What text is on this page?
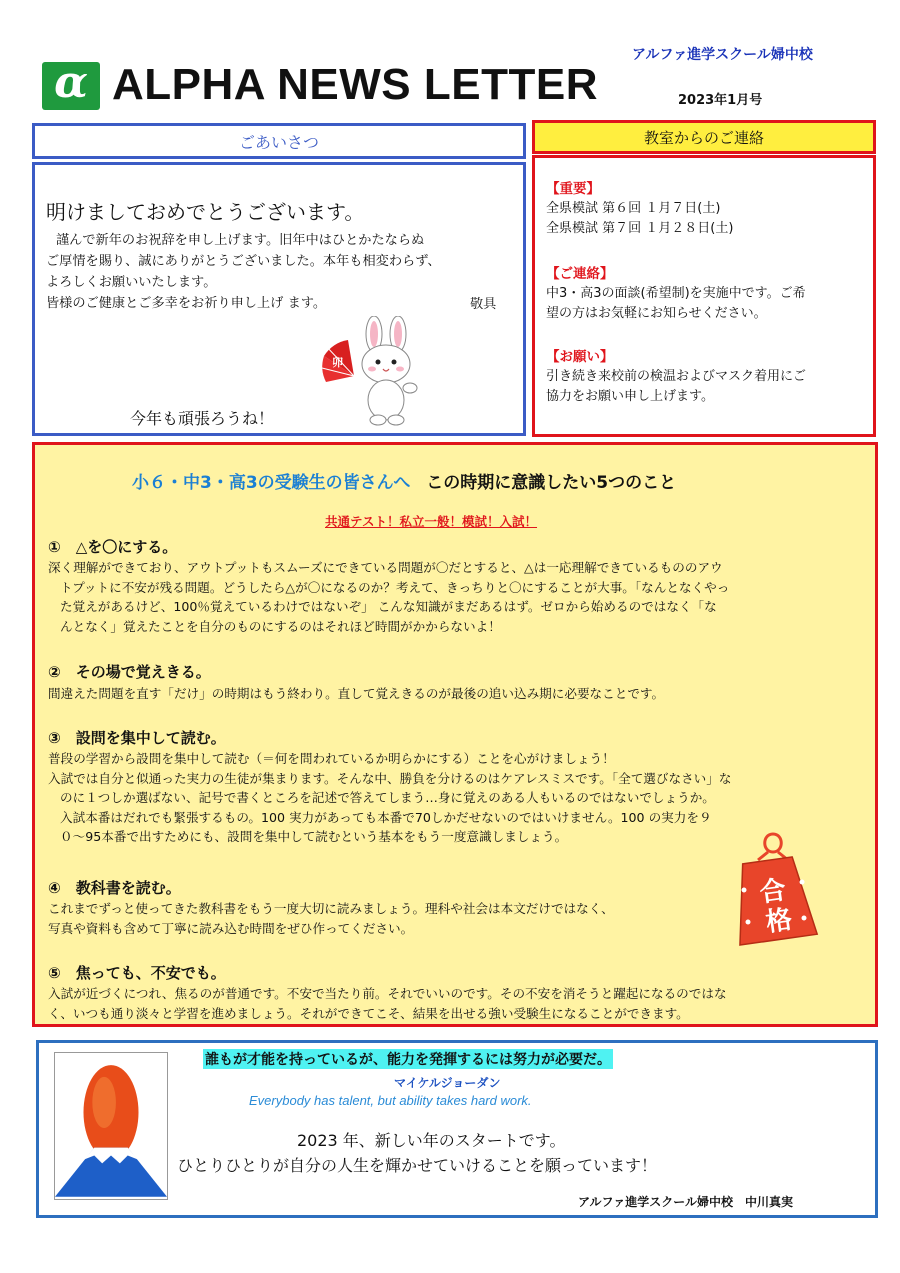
α ALPHA NEWS LETTER
アルファ進学スクール婦中校
2023年1月号
ごあいさつ
明けましておめでとうございます。
謹んで新年のお祝辞を申し上げます。旧年中はひとかたならぬ
ご厚情を賜り、誠にありがとうございました。本年も相変わらず、
よろしくお願いいたします。
皆様のご健康とご多幸をお祈り申し上げ ます。	敬具
卯
今年も頑張ろうね！
教室からのご連絡
【重要】
全県模試 第６回 １月７日(土)
全県模試 第７回 １月２８日(土)
【ご連絡】
中3・高3の面談(希望制)を実施中です。ご希
望の方はお気軽にお知らせください。
【お願い】
引き続き来校前の検温およびマスク着用にご
協力をお願い申し上げます。
小６・中3・高3の受験生の皆さんへ この時期に意識したい5つのこと
共通テスト！私立一般！模試！入試！
①　△を〇にする。
深く理解ができており、アウトプットもスムーズにできている問題が〇だとすると、△は一応理解できているもののアウ
トプットに不安が残る問題。どうしたら△が〇になるのか？考えて、きっちりと〇にすることが大事。「なんとなくやっ
た覚えがあるけど、100％覚えているわけではないぞ」 こんな知識がまだあるはず。ゼロから始めるのではなく「な
んとなく」覚えたことを自分のものにするのはそれほど時間がかからないよ！
②　その場で覚えきる。
間違えた問題を直す「だけ」の時期はもう終わり。直して覚えきるのが最後の追い込み期に必要なことです。
③　設問を集中して読む。
普段の学習から設問を集中して読む（＝何を問われているか明らかにする）ことを心がけましょう！
入試では自分と似通った実力の生徒が集まります。そんな中、勝負を分けるのはケアレスミスです。「全て選びなさい」な
のに１つしか選ばない、記号で書くところを記述で答えてしまう…身に覚えのある人もいるのではないでしょうか。
入試本番はだれでも緊張するもの。100 実力があっても本番で70しかだせないのではいけません。100 の実力を９
０～95本番で出すためにも、設問を集中して読むという基本をもう一度意識しましょう。
④　教科書を読む。
これまでずっと使ってきた教科書をもう一度大切に読みましょう。理科や社会は本文だけではなく、
写真や資料も含めて丁寧に読み込む時間をぜひ作ってください。
⑤　焦っても、不安でも。
入試が近づくにつれ、焦るのが普通です。不安で当たり前。それでいいのです。その不安を消そうと躍起になるのではな
く、いつも通り淡々と学習を進めましょう。それができてこそ、結果を出せる強い受験生になることができます。
合
格
誰もが才能を持っているが、能力を発揮するには努力が必要だ。
マイケルジョーダン
Everybody has talent, but ability takes hard work.
2023 年、新しい年のスタートです。
ひとりひとりが自分の人生を輝かせていけることを願っています！
アルファ進学スクール婦中校　中川真実
